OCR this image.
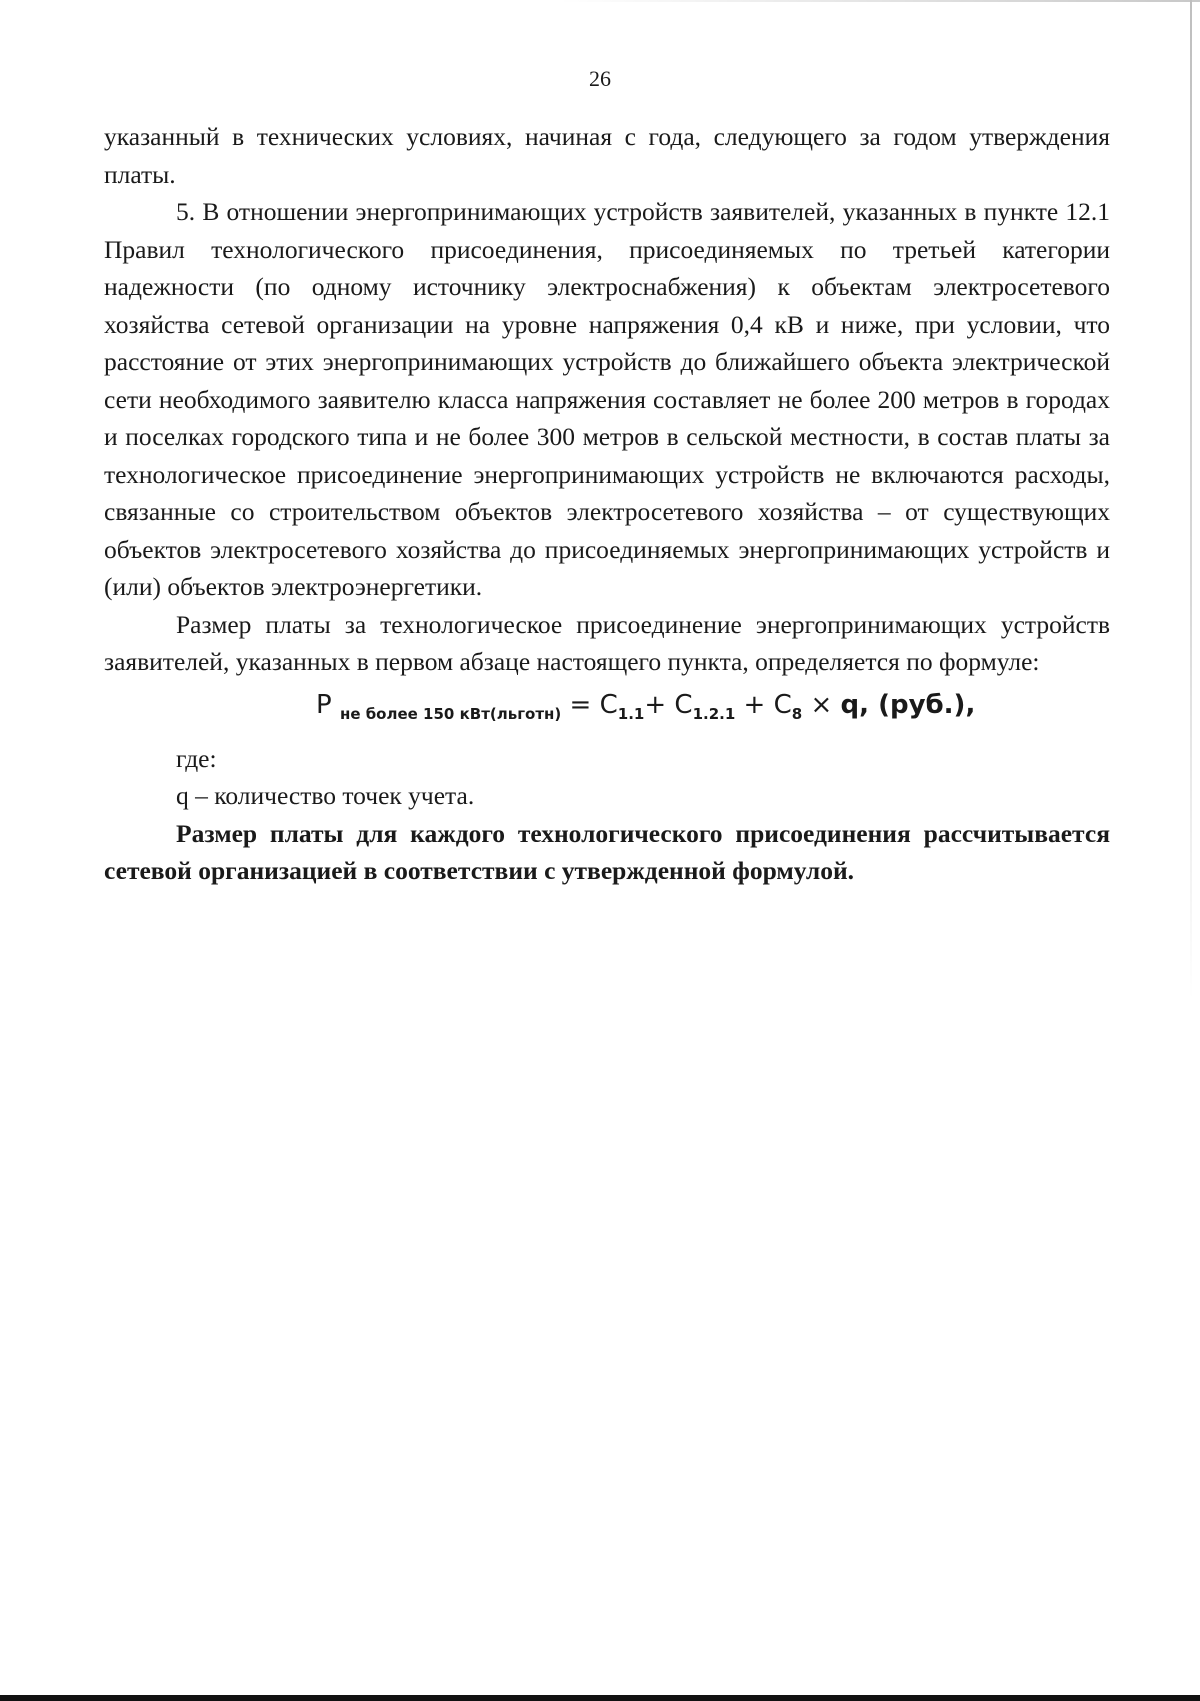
26

указанный в технических условиях, начиная с года, следующего за годом утверждения платы.

5. В отношении энергопринимающих устройств заявителей, указанных в пункте 12.1 Правил технологического присоединения, присоединяемых по третьей категории надежности (по одному источнику электроснабжения) к объектам электросетевого хозяйства сетевой организации на уровне напряжения 0,4 кВ и ниже, при условии, что расстояние от этих энергопринимающих устройств до ближайшего объекта электрической сети необходимого заявителю класса напряжения составляет не более 200 метров в городах и поселках городского типа и не более 300 метров в сельской местности, в состав платы за технологическое присоединение энергопринимающих устройств не включаются расходы, связанные со строительством объектов электросетевого хозяйства – от существующих объектов электросетевого хозяйства до присоединяемых энергопринимающих устройств и (или) объектов электроэнергетики.

Размер платы за технологическое присоединение энергопринимающих устройств заявителей, указанных в первом абзаце настоящего пункта, определяется по формуле:

P $_{не более 150 кВт(льготн)} = C_{1.1}+ C_{1.2.1} + C_8 \times q$, (руб.),

где:

q – количество точек учета.

Размер платы для каждого технологического присоединения рассчитывается сетевой организацией в соответствии с утвержденной формулой.
